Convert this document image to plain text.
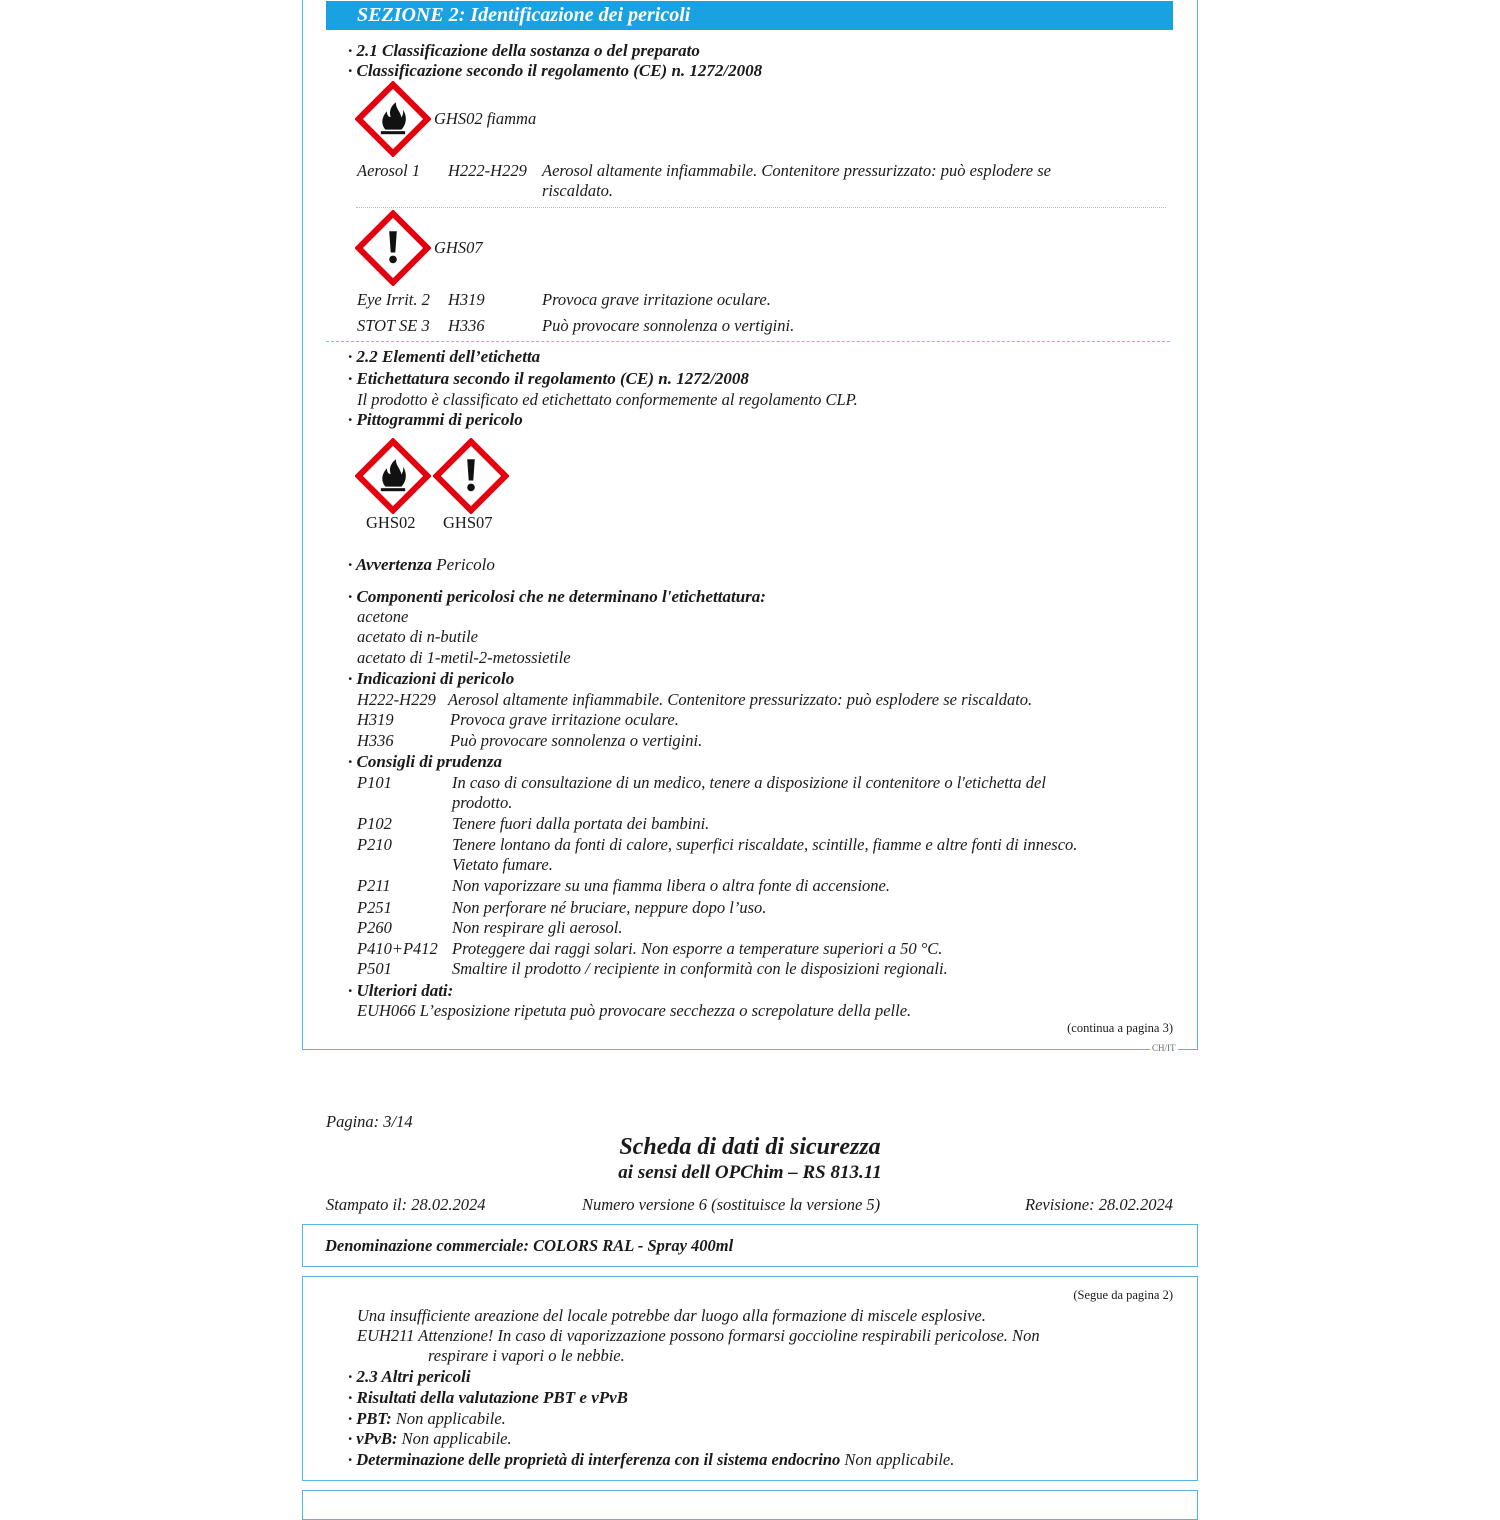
SEZIONE 2: Identificazione dei pericoli
· 2.1 Classificazione della sostanza o del preparato
· Classificazione secondo il regolamento (CE) n. 1272/2008
GHS02 fiamma
Aerosol 1 H222-H229 Aerosol altamente infiammabile. Contenitore pressurizzato: può esplodere se
riscaldato.
GHS07
Eye Irrit. 2 H319	Provoca grave irritazione oculare.
STOT SE 3 H336	Può provocare sonnolenza o vertigini.
· 2.2 Elementi dell’etichetta
· Etichettatura secondo il regolamento (CE) n. 1272/2008
Il prodotto è classificato ed etichettato conformemente al regolamento CLP.
· Pittogrammi di pericolo
GHS02 GHS07
· Avvertenza Pericolo
· Componenti pericolosi che ne determinano l'etichettatura:
acetone
acetato di n-butile
acetato di 1-metil-2-metossietile
· Indicazioni di pericolo
H222-H229 Aerosol altamente infiammabile. Contenitore pressurizzato: può esplodere se riscaldato.
H319	Provoca grave irritazione oculare.
H336	Può provocare sonnolenza o vertigini.
· Consigli di prudenza
P101	In caso di consultazione di un medico, tenere a disposizione il contenitore o l'etichetta del
prodotto.
P102	Tenere fuori dalla portata dei bambini.
P210	Tenere lontano da fonti di calore, superfici riscaldate, scintille, fiamme e altre fonti di innesco.
Vietato fumare.
P211	Non vaporizzare su una fiamma libera o altra fonte di accensione.
P251	Non perforare né bruciare, neppure dopo l’uso.
P260	Non respirare gli aerosol.
P410+P412 Proteggere dai raggi solari. Non esporre a temperature superiori a 50 °C.
P501	Smaltire il prodotto / recipiente in conformità con le disposizioni regionali.
· Ulteriori dati:
EUH066 L’esposizione ripetuta può provocare secchezza o screpolature della pelle.
(continua a pagina 3)
CH/IT
Pagina: 3/14
Scheda di dati di sicurezza
ai sensi dell OPChim – RS 813.11
Stampato il: 28.02.2024	Numero versione 6 (sostituisce la versione 5)	Revisione: 28.02.2024
Denominazione commerciale: COLORS RAL - Spray 400ml
(Segue da pagina 2)
Una insufficiente areazione del locale potrebbe dar luogo alla formazione di miscele esplosive.
EUH211 Attenzione! In caso di vaporizzazione possono formarsi goccioline respirabili pericolose. Non
respirare i vapori o le nebbie.
· 2.3 Altri pericoli
· Risultati della valutazione PBT e vPvB
· PBT: Non applicabile.
· vPvB: Non applicabile.
· Determinazione delle proprietà di interferenza con il sistema endocrino Non applicabile.
